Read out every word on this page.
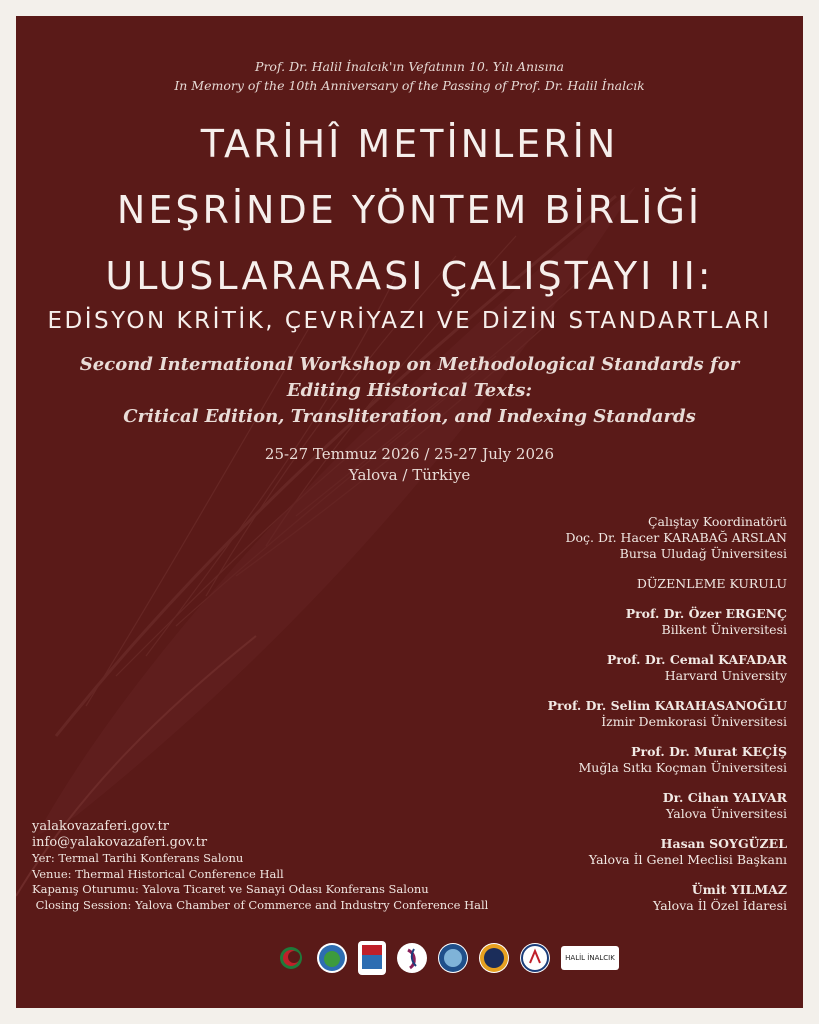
Prof. Dr. Halil İnalcık'ın Vefatının 10. Yılı Anısına
In Memory of the 10th Anniversary of the Passing of Prof. Dr. Halil İnalcık
TARİHÎ METİNLERİN
NEŞRİNDE YÖNTEM BİRLİĞİ
ULUSLARARASI ÇALIŞTAYI II:
EDİSYON KRİTİK, ÇEVRİYAZI VE DİZİN STANDARTLARI
Second International Workshop on Methodological Standards for
Editing Historical Texts:
Critical Edition, Transliteration, and Indexing Standards
25-27 Temmuz 2026 / 25-27 July 2026
Yalova / Türkiye
Çalıştay Koordinatörü
Doç. Dr. Hacer KARABAĞ ARSLAN
Bursa Uludağ Üniversitesi
DÜZENLEME KURULU
Prof. Dr. Özer ERGENÇ
Bilkent Üniversitesi
Prof. Dr. Cemal KAFADAR
Harvard University
Prof. Dr. Selim KARAHASANOĞLU
İzmir Demkorasi Üniversitesi
Prof. Dr. Murat KEÇİŞ
Muğla Sıtkı Koçman Üniversitesi
Dr. Cihan YALVAR
Yalova Üniversitesi
Hasan SOYGÜZEL
Yalova İl Genel Meclisi Başkanı
Ümit YILMAZ
Yalova İl Özel İdaresi
yalakovazaferi.gov.tr
info@yalakovazaferi.gov.tr
Yer: Termal Tarihi Konferans Salonu
Venue: Thermal Historical Conference Hall
Kapanış Oturumu: Yalova Ticaret ve Sanayi Odası Konferans Salonu
Closing Session: Yalova Chamber of Commerce and Industry Conference Hall
HALİL İNALCIK
